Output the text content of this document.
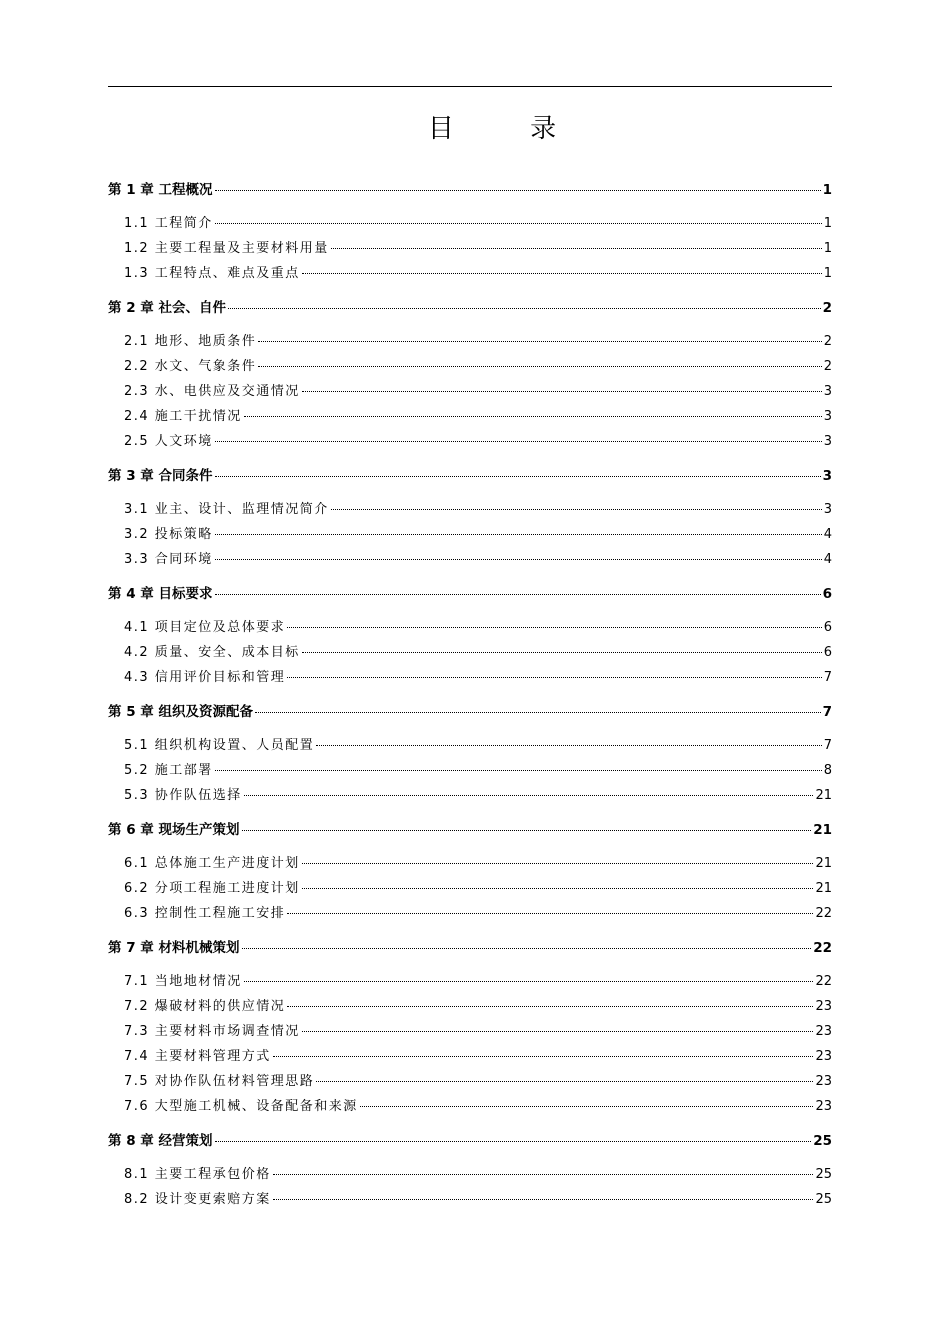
目 录
第 1 章 工程概况	1
1.1 工程简介	1
1.2 主要工程量及主要材料用量	1
1.3 工程特点、难点及重点	1
第 2 章 社会、自件	2
2.1 地形、地质条件	2
2.2 水文、气象条件	2
2.3 水、电供应及交通情况	3
2.4 施工干扰情况	3
2.5 人文环境	3
第 3 章 合同条件	3
3.1 业主、设计、监理情况简介	3
3.2 投标策略	4
3.3 合同环境	4
第 4 章 目标要求	6
4.1 项目定位及总体要求	6
4.2 质量、安全、成本目标	6
4.3 信用评价目标和管理	7
第 5 章 组织及资源配备	7
5.1 组织机构设置、人员配置	7
5.2 施工部署	8
5.3 协作队伍选择	21
第 6 章 现场生产策划	21
6.1 总体施工生产进度计划	21
6.2 分项工程施工进度计划	21
6.3 控制性工程施工安排	22
第 7 章 材料机械策划	22
7.1 当地地材情况	22
7.2 爆破材料的供应情况	23
7.3 主要材料市场调查情况	23
7.4 主要材料管理方式	23
7.5 对协作队伍材料管理思路	23
7.6 大型施工机械、设备配备和来源	23
第 8 章 经营策划	25
8.1 主要工程承包价格	25
8.2 设计变更索赔方案	25
